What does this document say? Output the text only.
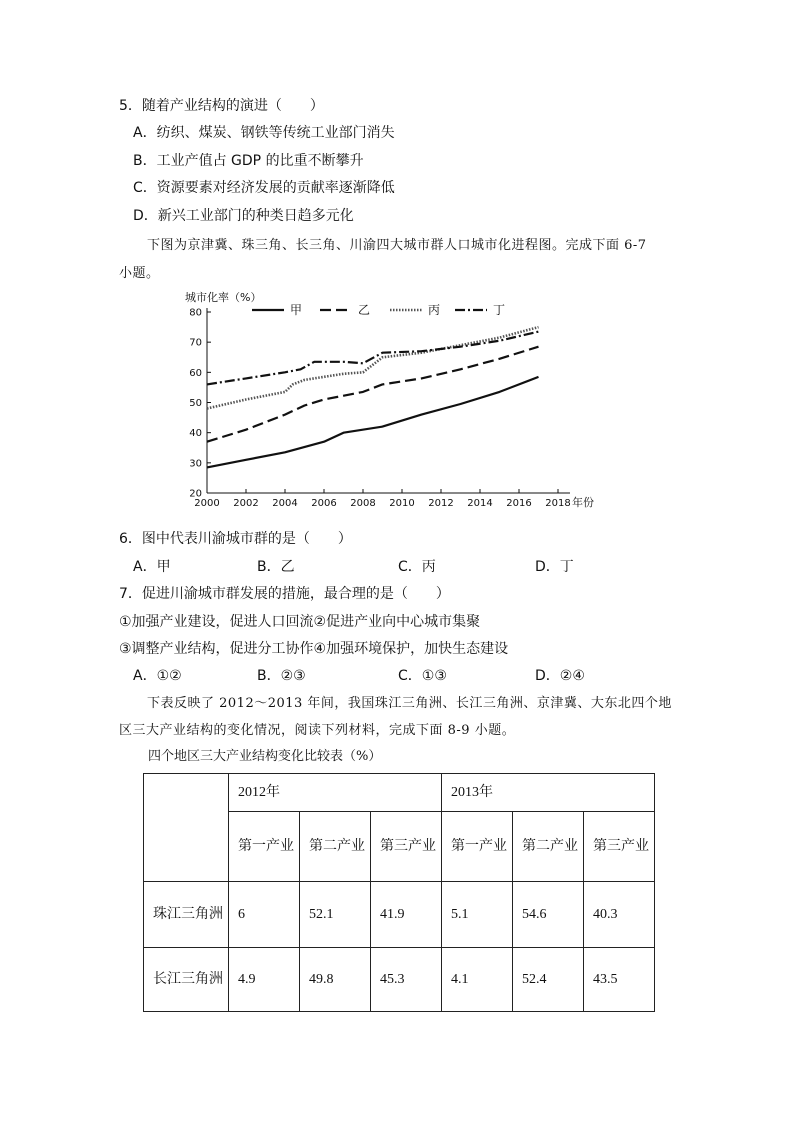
5．随着产业结构的演进（　　）
A．纺织、煤炭、钢铁等传统工业部门消失
B．工业产值占 GDP 的比重不断攀升
C．资源要素对经济发展的贡献率逐渐降低
D．新兴工业部门的种类日趋多元化
下图为京津冀、珠三角、长三角、川渝四大城市群人口城市化进程图。完成下面 6-7
小题。
20
30
40
50
60
70
80
2000 2002 2004 2006 2008 2010 2012 2014 2016 2018 年份
城市化率（%）
甲	乙	丙	丁
6．图中代表川渝城市群的是（　　）
A．甲	B．乙	C．丙	D．丁
7．促进川渝城市群发展的措施，最合理的是（　　）
①加强产业建设，促进人口回流②促进产业向中心城市集聚
③调整产业结构，促进分工协作④加强环境保护，加快生态建设
A．①②	B．②③	C．①③	D．②④
下表反映了 2012～2013 年间，我国珠江三角洲、长江三角洲、京津冀、大东北四个地
区三大产业结构的变化情况，阅读下列材料，完成下面 8-9 小题。
四个地区三大产业结构变化比较表（%）
	2012年			2013年		
	第一产业	第二产业	第三产业	第一产业	第二产业	第三产业
珠江三角洲	6	52.1	41.9	5.1	54.6	40.3
长江三角洲	4.9	49.8	45.3	4.1	52.4	43.5
